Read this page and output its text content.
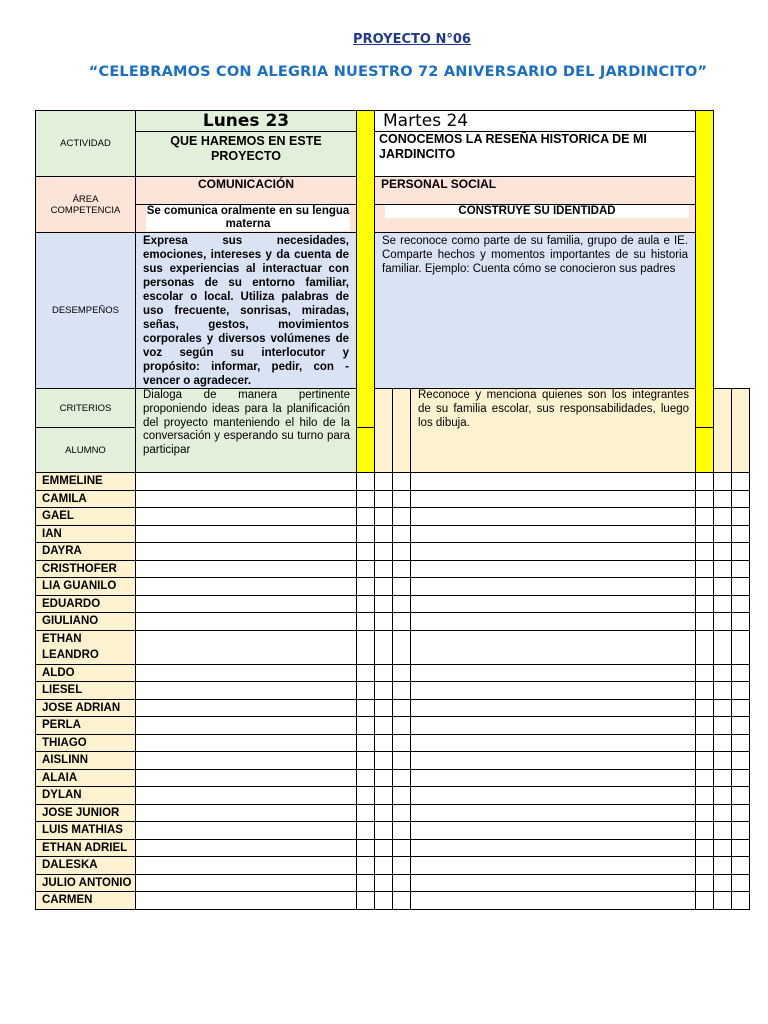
PROYECTO N°06
“CELEBRAMOS CON ALEGRIA NUESTRO 72 ANIVERSARIO DEL JARDINCITO”
ACTIVIDAD	Lunes 23		Martes 24					
	QUE HAREMOS EN ESTE PROYECTO		CONOCEMOS LA RESEÑA HISTORICA DE MI JARDINCITO					

ÁREA
COMPETENCIA	COMUNICACIÓN		PERSONAL SOCIAL					

	Se comunica oralmente en su lengua materna		CONSTRUYE SU IDENTIDAD					

DESEMPEÑOS	Expresa sus necesidades, emociones, intereses y da cuenta de sus experiencias al interactuar con personas de su entorno familiar, escolar o local. Utiliza palabras de uso frecuente, sonrisas, miradas, señas, gestos, movimientos corporales y diversos volúmenes de voz según su interlocutor y propósito: informar, pedir, con - vencer o agradecer.		Se reconoce como parte de su familia, grupo de aula e IE. Comparte hechos y momentos importantes de su historia familiar. Ejemplo: Cuenta cómo se conocieron sus padres					
CRITERIOS	Dialoga de manera pertinente proponiendo ideas para la planificación del proyecto manteniendo el hilo de la conversación y esperando su turno para participar				Reconoce y menciona quienes son los integrantes de su familia escolar, sus responsabilidades, luego los dibuja.			
ALUMNO								
EMMELINE								
CAMILA								
GAEL								
IAN								
DAYRA								
CRISTHOFER								
LIA GUANILO								
EDUARDO								
GIULIANO								
ETHAN LEANDRO								
ALDO								
LIESEL								
JOSE ADRIAN								
PERLA								
THIAGO								
AISLINN								
ALAIA								
DYLAN								
JOSE JUNIOR								
LUIS MATHIAS								
ETHAN ADRIEL								
DALESKA								
JULIO ANTONIO								
CARMEN								
